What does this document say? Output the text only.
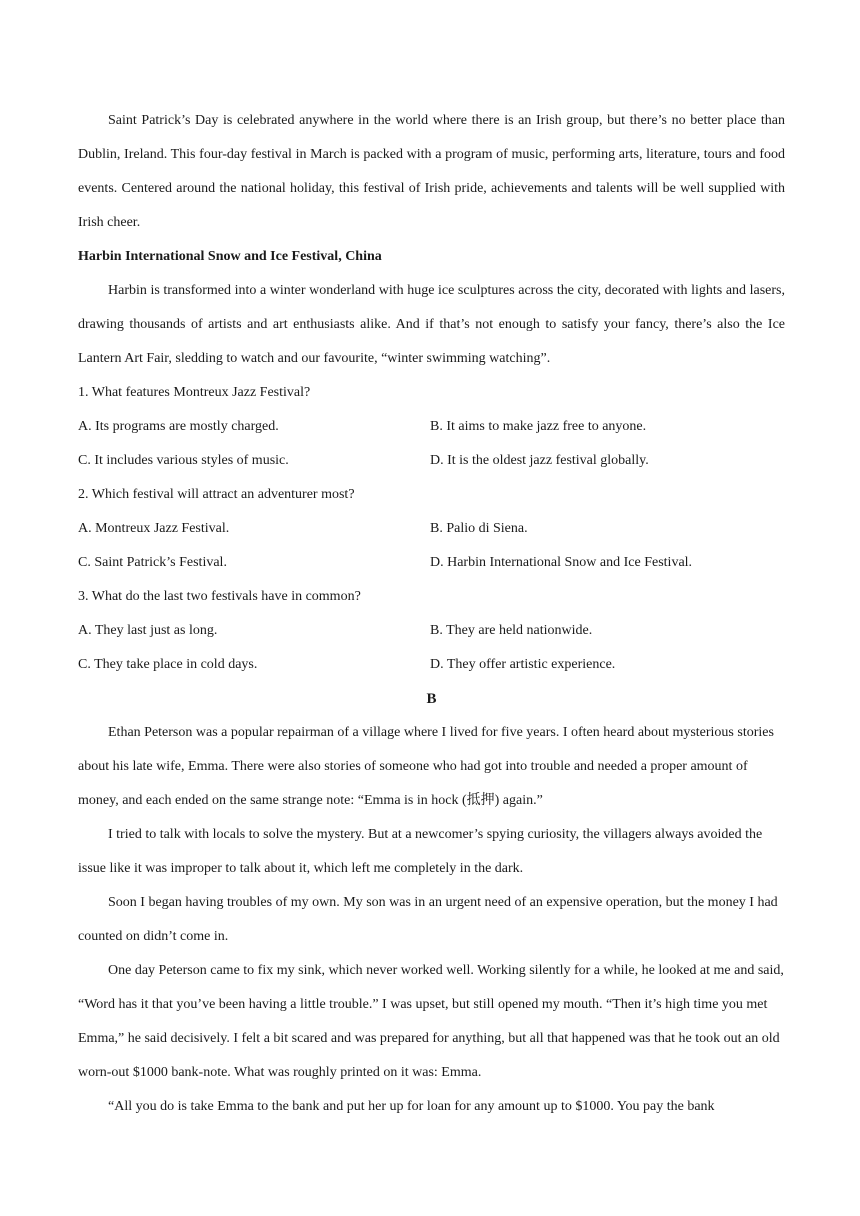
Saint Patrick’s Day is celebrated anywhere in the world where there is an Irish group, but there’s no better place than Dublin, Ireland. This four-day festival in March is packed with a program of music, performing arts, literature, tours and food events. Centered around the national holiday, this festival of Irish pride, achievements and talents will be well supplied with Irish cheer.

Harbin International Snow and Ice Festival, China

Harbin is transformed into a winter wonderland with huge ice sculptures across the city, decorated with lights and lasers, drawing thousands of artists and art enthusiasts alike. And if that’s not enough to satisfy your fancy, there’s also the Ice Lantern Art Fair, sledding to watch and our favourite, “winter swimming watching”.

1. What features Montreux Jazz Festival?
A. Its programs are mostly charged.	B. It aims to make jazz free to anyone.
C. It includes various styles of music.	D. It is the oldest jazz festival globally.
2. Which festival will attract an adventurer most?
A. Montreux Jazz Festival.	B. Palio di Siena.
C. Saint Patrick’s Festival.	D. Harbin International Snow and Ice Festival.
3. What do the last two festivals have in common?
A. They last just as long.	B. They are held nationwide.
C. They take place in cold days.	D. They offer artistic experience.
B

Ethan Peterson was a popular repairman of a village where I lived for five years. I often heard about mysterious stories about his late wife, Emma. There were also stories of someone who had got into trouble and needed a proper amount of money, and each ended on the same strange note: “Emma is in hock (抵押) again.”

I tried to talk with locals to solve the mystery. But at a newcomer’s spying curiosity, the villagers always avoided the issue like it was improper to talk about it, which left me completely in the dark.

Soon I began having troubles of my own. My son was in an urgent need of an expensive operation, but the money I had counted on didn’t come in.

One day Peterson came to fix my sink, which never worked well. Working silently for a while, he looked at me and said, “Word has it that you’ve been having a little trouble.” I was upset, but still opened my mouth. “Then it’s high time you met Emma,” he said decisively. I felt a bit scared and was prepared for anything, but all that happened was that he took out an old worn-out $1000 bank-note. What was roughly printed on it was: Emma.

“All you do is take Emma to the bank and put her up for loan for any amount up to $1000. You pay the bank
